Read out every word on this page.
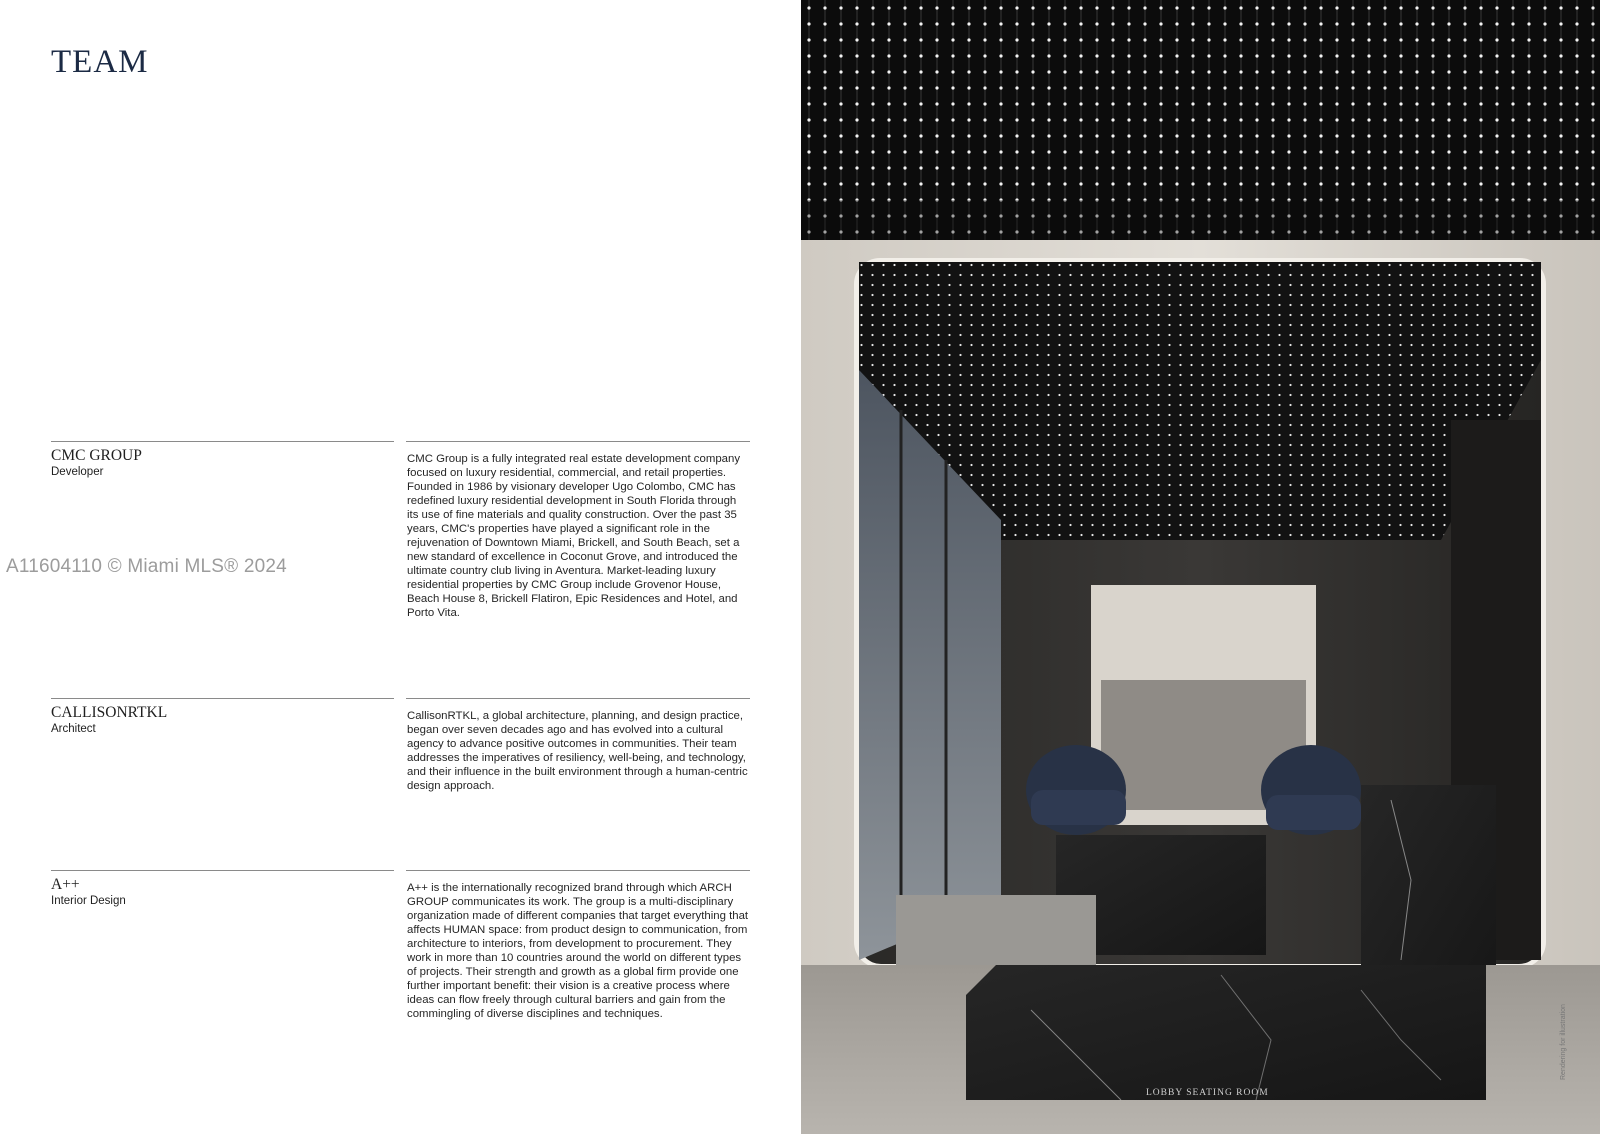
TEAM
CMC GROUP
Developer

CMC Group is a fully integrated real estate development company focused on luxury residential, commercial, and retail properties. Founded in 1986 by visionary developer Ugo Colombo, CMC has redefined luxury residential development in South Florida through its use of fine materials and quality construction. Over the past 35 years, CMC's properties have played a significant role in the rejuvenation of Downtown Miami, Brickell, and South Beach, set a new standard of excellence in Coconut Grove, and introduced the ultimate country club living in Aventura. Market-leading luxury residential properties by CMC Group include Grovenor House, Beach House 8, Brickell Flatiron, Epic Residences and Hotel, and Porto Vita.

CALLISONRTKL
Architect

CallisonRTKL, a global architecture, planning, and design practice, began over seven decades ago and has evolved into a cultural agency to advance positive outcomes in communities. Their team addresses the imperatives of resiliency, well-being, and technology, and their influence in the built environment through a human-centric design approach.

A++
Interior Design

A++ is the internationally recognized brand through which ARCH GROUP communicates its work. The group is a multi-disciplinary organization made of different companies that target everything that affects HUMAN space: from product design to communication, from architecture to interiors, from development to procurement. They work in more than 10 countries around the world on different types of projects. Their strength and growth as a global firm provide one further important benefit: their vision is a creative process where ideas can flow freely through cultural barriers and gain from the commingling of diverse disciplines and techniques.

A11604110 © Miami MLS® 2024
LOBBY SEATING ROOM
Rendering for illustration
